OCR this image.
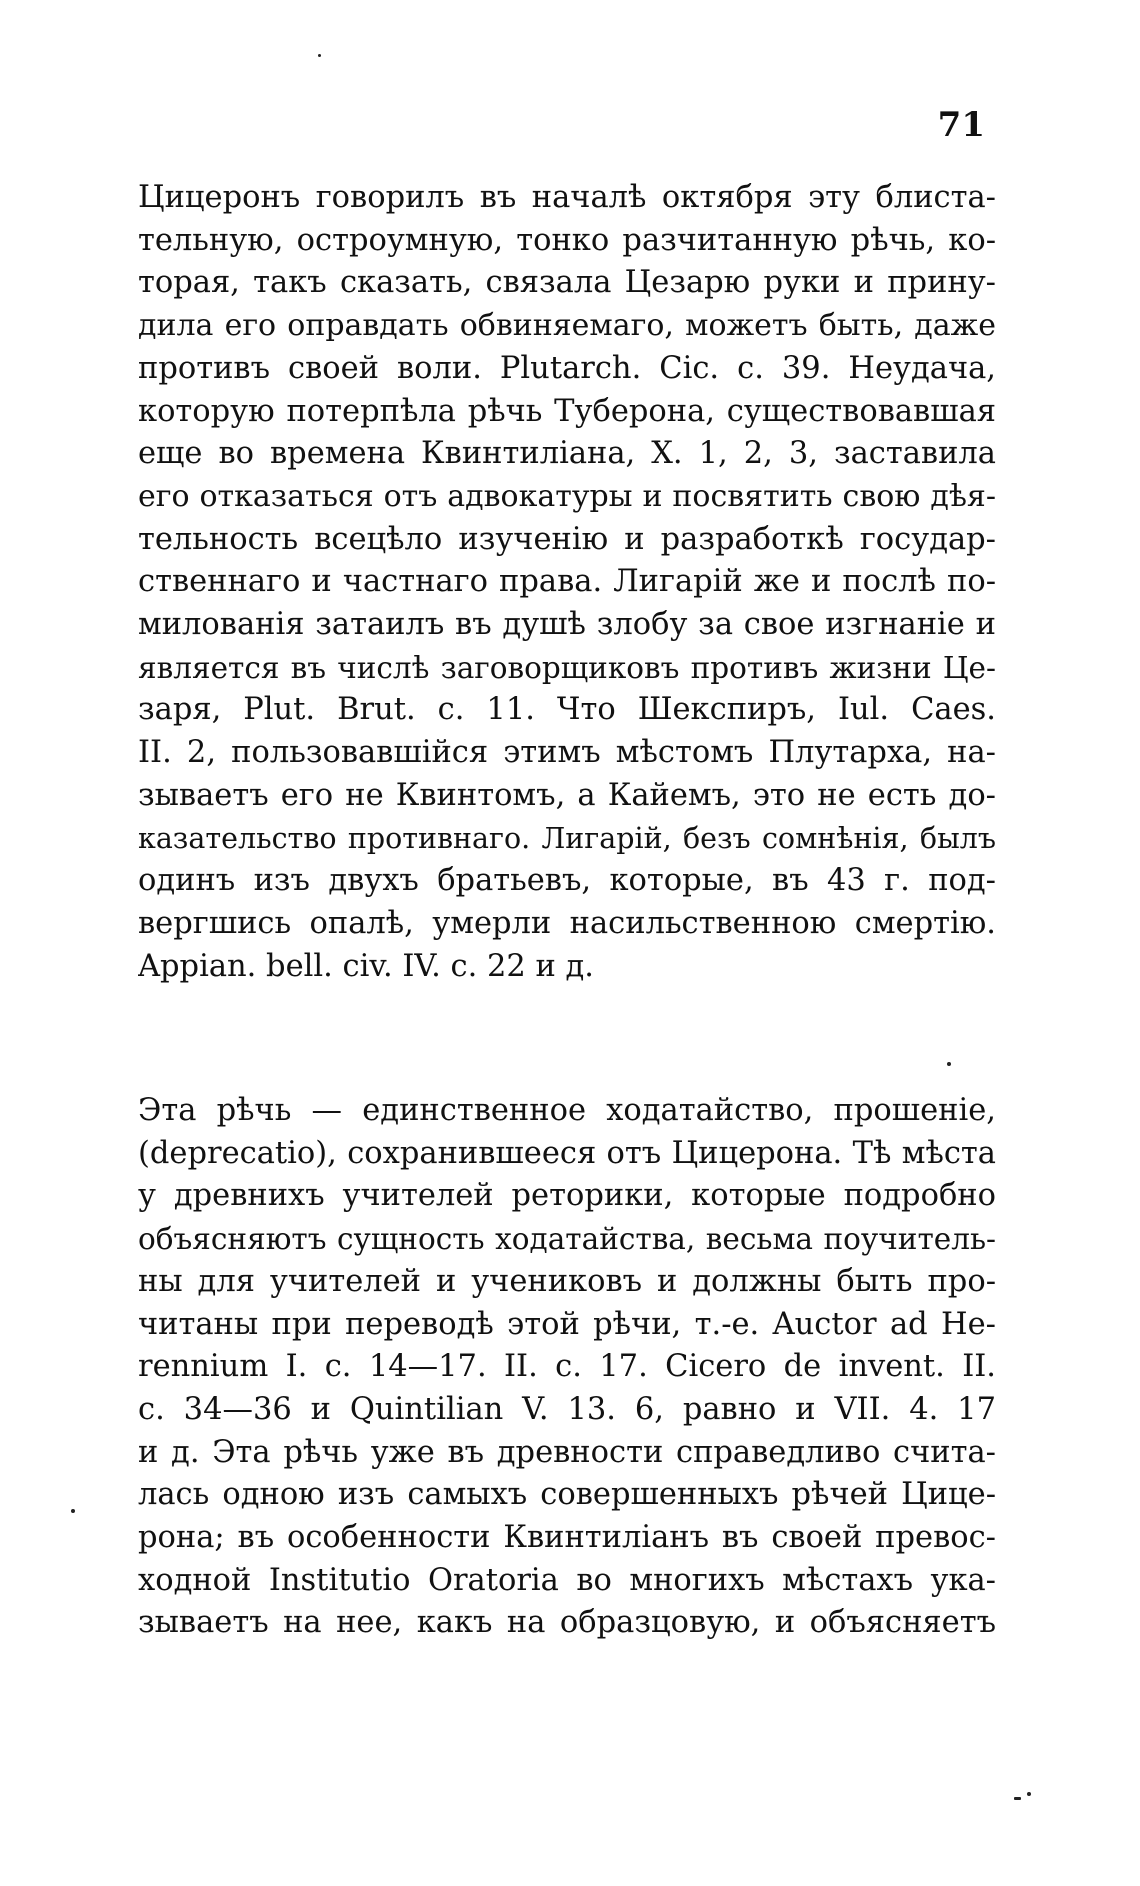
71
Цицеронъ говорилъ въ началѣ октября эту блиста-
тельную, остроумную, тонко разчитанную рѣчь, ко-
торая, такъ сказать, связала Цезарю руки и прину-
дила его оправдать обвиняемаго, можетъ быть, даже
противъ своей воли. Plutarch. Cic. c. 39. Неудача,
которую потерпѣла рѣчь Туберона, существовавшая
еще во времена Квинтиліана, X. 1, 2, 3, заставила
его отказаться отъ адвокатуры и посвятить свою дѣя-
тельность всецѣло изученію и разработкѣ государ-
ственнаго и частнаго права. Лигарій же и послѣ по-
милованія затаилъ въ душѣ злобу за свое изгнаніе и
является въ числѣ заговорщиковъ противъ жизни Це-
заря, Plut. Brut. c. 11. Что Шекспиръ, Iul. Caes.
II. 2, пользовавшійся этимъ мѣстомъ Плутарха, на-
зываетъ его не Квинтомъ, а Кайемъ, это не есть до-
казательство противнаго. Лигарій, безъ сомнѣнія, былъ
одинъ изъ двухъ братьевъ, которые, въ 43 г. под-
вергшись опалѣ, умерли насильственною смертію.
Appian. bell. civ. IV. c. 22 и д.
Эта рѣчь — единственное ходатайство, прошеніе,
(deprecatio), сохранившееся отъ Цицерона. Тѣ мѣста
у древнихъ учителей реторики, которые подробно
объясняютъ сущность ходатайства, весьма поучитель-
ны для учителей и учениковъ и должны быть про-
читаны при переводѣ этой рѣчи, т.-е. Auctor ad He-
rennium I. c. 14—17. II. c. 17. Cicero de invent. II.
c. 34—36 и Quintilian V. 13. 6, равно и VII. 4. 17
и д. Эта рѣчь уже въ древности справедливо счита-
лась одною изъ самыхъ совершенныхъ рѣчей Цице-
рона; въ особенности Квинтиліанъ въ своей превос-
ходной Institutio Oratoria во многихъ мѣстахъ ука-
зываетъ на нее, какъ на образцовую, и объясняетъ
